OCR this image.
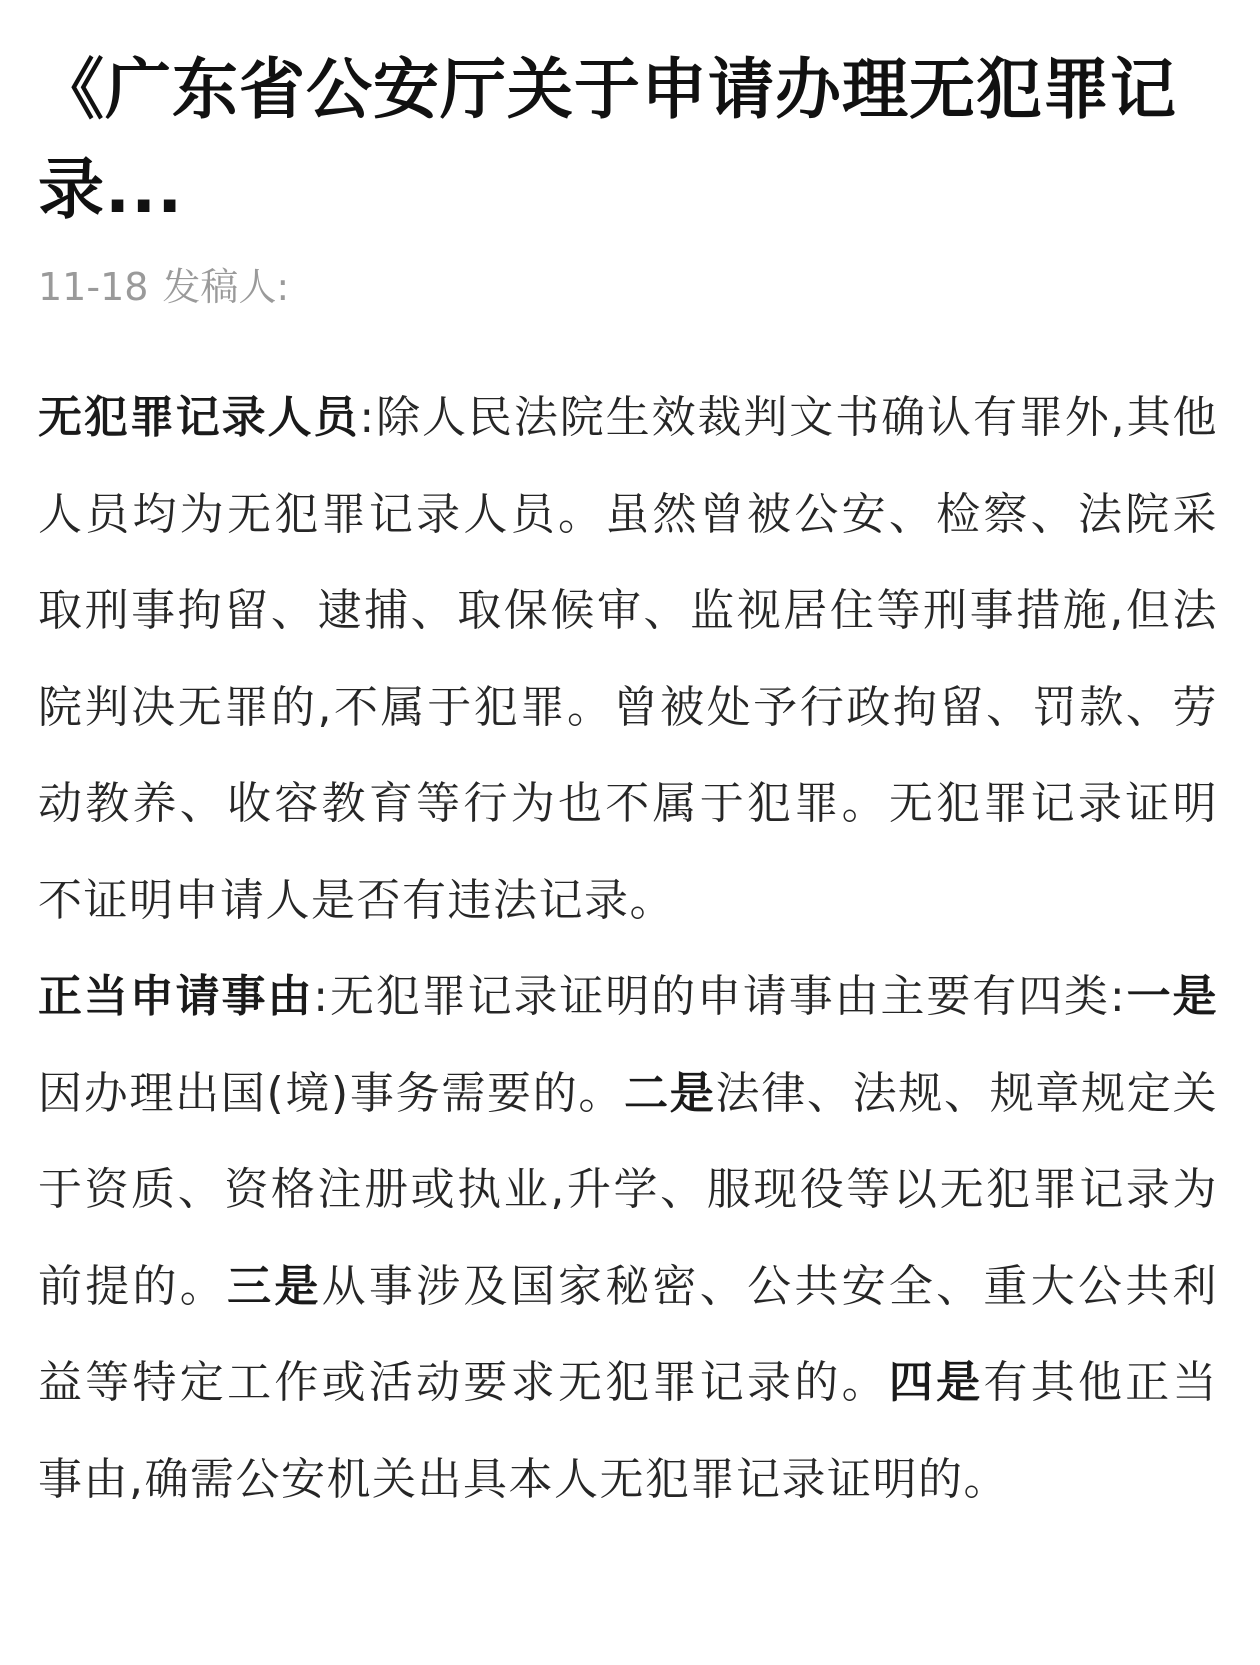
《广东省公安厅关于申请办理无犯罪记录...
11-18 发稿人:

无犯罪记录人员:除人民法院生效裁判文书确认有罪外,其他人员均为无犯罪记录人员。虽然曾被公安、检察、法院采取刑事拘留、逮捕、取保候审、监视居住等刑事措施,但法院判决无罪的,不属于犯罪。曾被处予行政拘留、罚款、劳动教养、收容教育等行为也不属于犯罪。无犯罪记录证明不证明申请人是否有违法记录。

正当申请事由:无犯罪记录证明的申请事由主要有四类:一是因办理出国(境)事务需要的。二是法律、法规、规章规定关于资质、资格注册或执业,升学、服现役等以无犯罪记录为前提的。三是从事涉及国家秘密、公共安全、重大公共利益等特定工作或活动要求无犯罪记录的。四是有其他正当事由,确需公安机关出具本人无犯罪记录证明的。
